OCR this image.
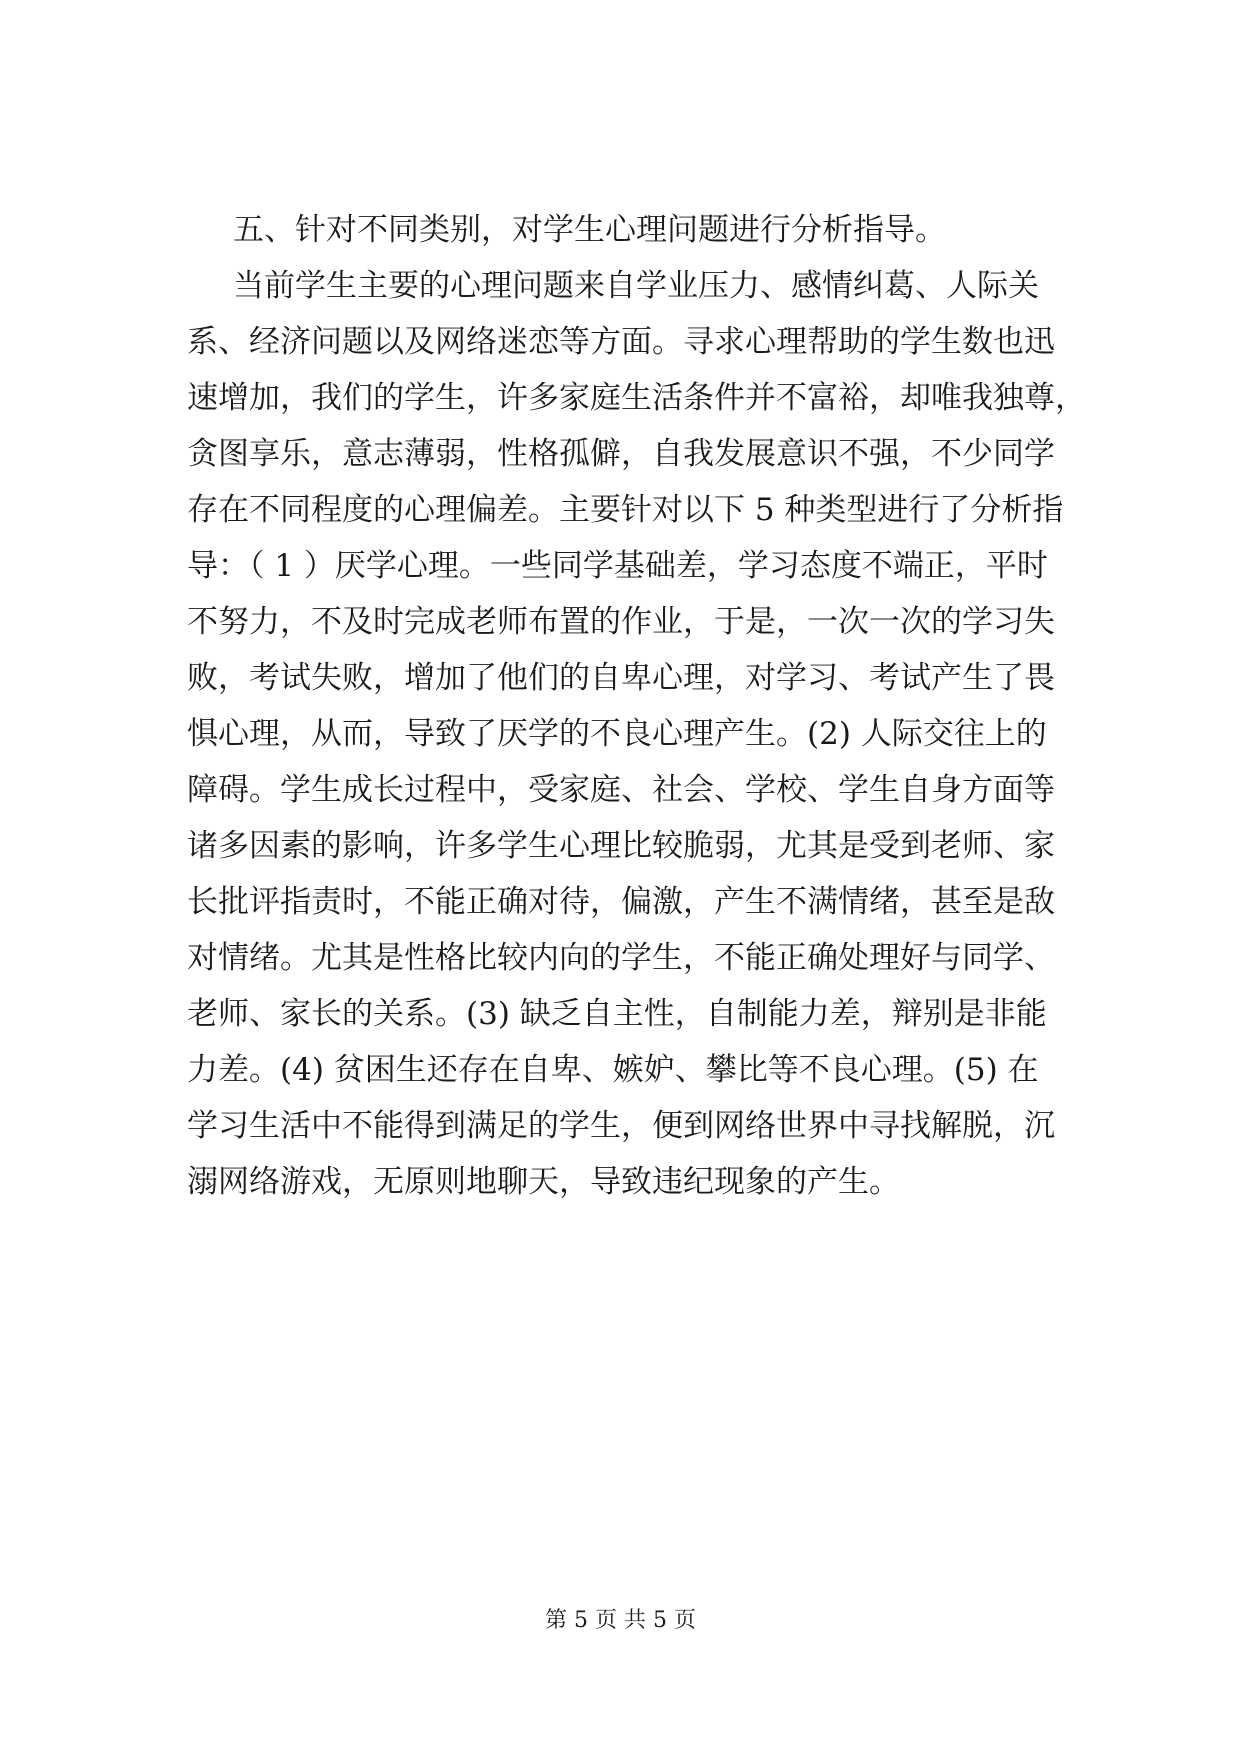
五、针对不同类别，对学生心理问题进行分析指导。
当前学生主要的心理问题来自学业压力、感情纠葛、人际关
系、经济问题以及网络迷恋等方面。寻求心理帮助的学生数也迅
速增加，我们的学生，许多家庭生活条件并不富裕，却唯我独尊，
贪图享乐，意志薄弱，性格孤僻，自我发展意识不强，不少同学
存在不同程度的心理偏差。主要针对以下 5 种类型进行了分析指
导：（ 1 ）厌学心理。一些同学基础差，学习态度不端正，平时
不努力，不及时完成老师布置的作业，于是，一次一次的学习失
败，考试失败，增加了他们的自卑心理，对学习、考试产生了畏
惧心理，从而，导致了厌学的不良心理产生。(2) 人际交往上的
障碍。学生成长过程中，受家庭、社会、学校、学生自身方面等
诸多因素的影响，许多学生心理比较脆弱，尤其是受到老师、家
长批评指责时，不能正确对待，偏激，产生不满情绪，甚至是敌
对情绪。尤其是性格比较内向的学生，不能正确处理好与同学、
老师、家长的关系。(3) 缺乏自主性，自制能力差，辩别是非能
力差。(4) 贫困生还存在自卑、嫉妒、攀比等不良心理。(5) 在
学习生活中不能得到满足的学生，便到网络世界中寻找解脱，沉
溺网络游戏，无原则地聊天，导致违纪现象的产生。
第 5 页 共 5 页
